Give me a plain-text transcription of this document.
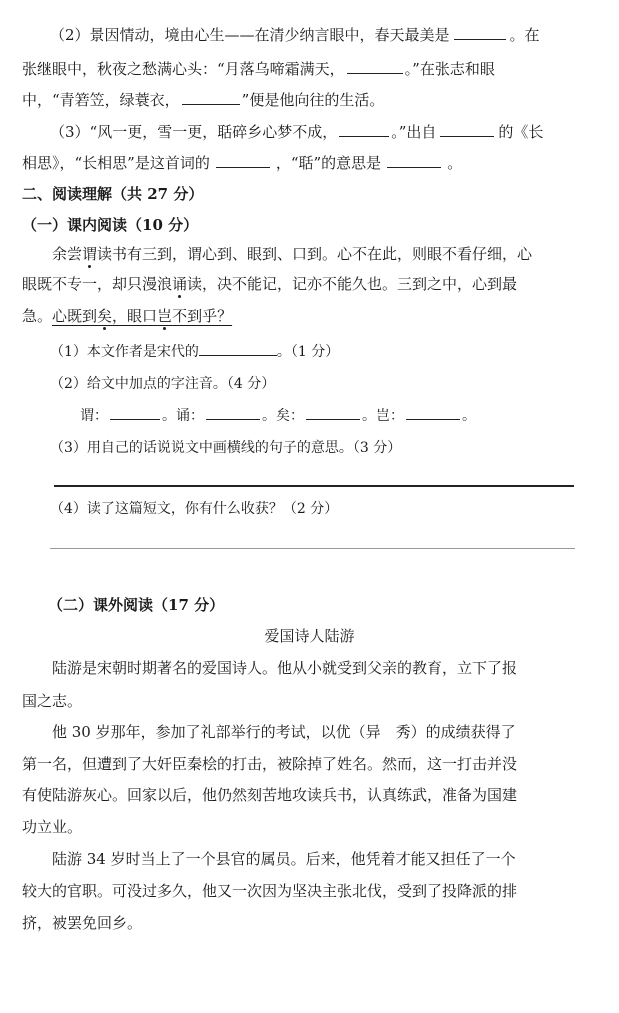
（2）景因情动，境由心生——在清少纳言眼中，春天最美是	。在
张继眼中，秋夜之愁满心头：“月落乌啼霜满天，	。”在张志和眼
中，“青箬笠，绿蓑衣，	”便是他向往的生活。
（3）“风一更，雪一更，聒碎乡心梦不成，	。”出自	的《长
相思》，“长相思”是这首词的	，“聒”的意思是	。
二、阅读理解（共 27 分）
（一）课内阅读（10 分）
余尝谓读书有三到，谓心到、眼到、口到。心不在此，则眼不看仔细，心
眼既不专一，却只漫浪诵读，决不能记，记亦不能久也。三到之中，心到最
急。心既到矣，眼口岂不到乎？
（1）本文作者是宋代的	。（1 分）
（2）给文中加点的字注音。（4 分）
谓：	。诵：	。矣：	。岂：	。
（3）用自己的话说说文中画横线的句子的意思。（3 分）
（4）读了这篇短文，你有什么收获？（2 分）
（二）课外阅读（17 分）
爱国诗人陆游
陆游是宋朝时期著名的爱国诗人。他从小就受到父亲的教育，立下了报
国之志。
他 30 岁那年，参加了礼部举行的考试，以优（异　秀）的成绩获得了
第一名，但遭到了大奸臣秦桧的打击，被除掉了姓名。然而，这一打击并没
有使陆游灰心。回家以后，他仍然刻苦地攻读兵书，认真练武，准备为国建
功立业。
陆游 34 岁时当上了一个县官的属员。后来，他凭着才能又担任了一个
较大的官职。可没过多久，他又一次因为坚决主张北伐，受到了投降派的排
挤，被罢免回乡。
